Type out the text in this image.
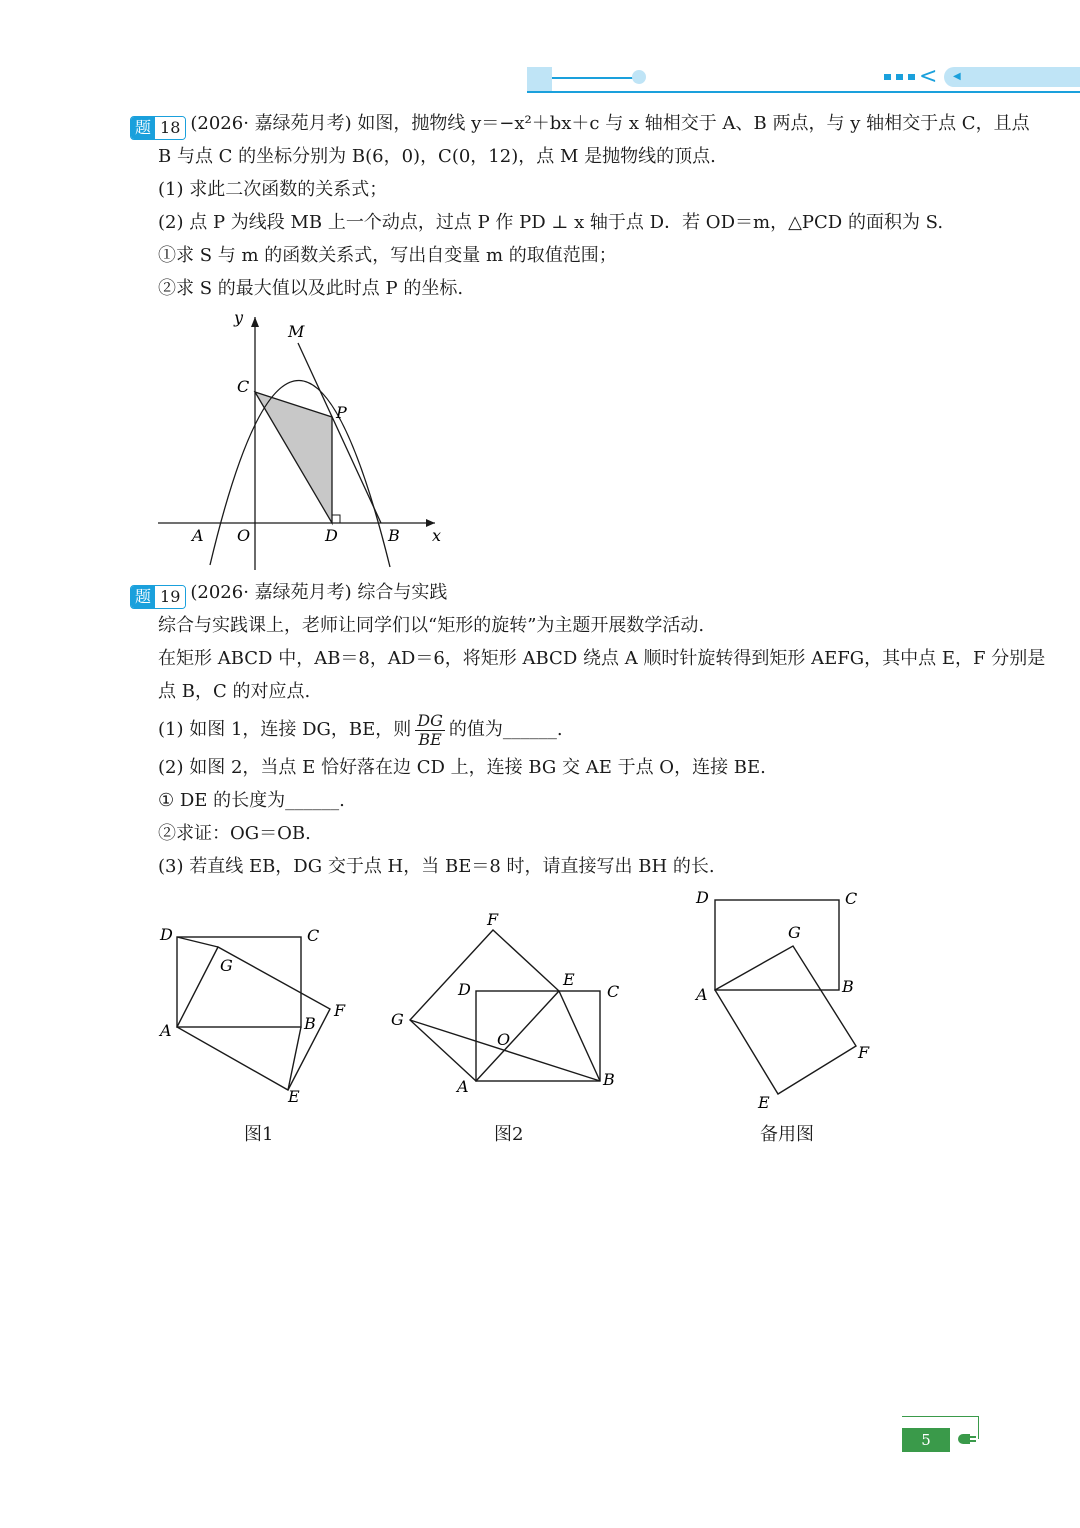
< ◀
题 18 (2026· 嘉绿苑月考) 如图，抛物线 y＝−x²＋bx＋c 与 x 轴相交于 A、B 两点，与 y 轴相交于点 C，且点
B 与点 C 的坐标分别为 B(6，0)，C(0，12)，点 M 是抛物线的顶点.
(1) 求此二次函数的关系式；
(2) 点 P 为线段 MB 上一个动点，过点 P 作 PD ⊥ x 轴于点 D．若 OD＝m，△PCD 的面积为 S.
①求 S 与 m 的函数关系式，写出自变量 m 的取值范围；
②求 S 的最大值以及此时点 P 的坐标.
y
M
C
P
A O	D	B x
题 19 (2026· 嘉绿苑月考) 综合与实践
综合与实践课上，老师让同学们以“矩形的旋转”为主题开展数学活动.
在矩形 ABCD 中，AB＝8，AD＝6，将矩形 ABCD 绕点 A 顺时针旋转得到矩形 AEFG，其中点 E，F 分别是
点 B，C 的对应点.
(1) 如图 1，连接 DG，BE，则 $\frac{DG}{BE}$ 的值为______.
(2) 如图 2，当点 E 恰好落在边 CD 上，连接 BG 交 AE 于点 O，连接 BE.
① DE 的长度为______.
②求证：OG＝OB.
(3) 若直线 EB，DG 交于点 H，当 BE＝8 时，请直接写出 BH 的长.
D	C
G
A	B
F
E
图1
F
D
E
C
G
O
A	B
图2
D	C
G
A	B
F
E
备用图
5
